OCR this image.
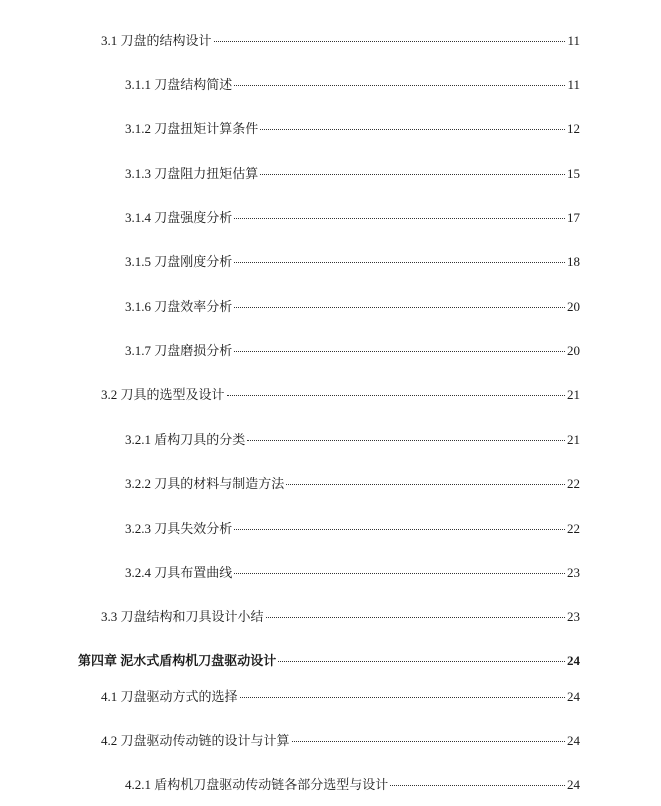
3.1 刀盘的结构设计	11
3.1.1 刀盘结构简述	11
3.1.2 刀盘扭矩计算条件	12
3.1.3 刀盘阻力扭矩估算	15
3.1.4 刀盘强度分析	17
3.1.5 刀盘刚度分析	18
3.1.6 刀盘效率分析	20
3.1.7 刀盘磨损分析	20
3.2 刀具的选型及设计	21
3.2.1 盾构刀具的分类	21
3.2.2 刀具的材料与制造方法	22
3.2.3 刀具失效分析	22
3.2.4 刀具布置曲线	23
3.3 刀盘结构和刀具设计小结	23
第四章 泥水式盾构机刀盘驱动设计	24
4.1 刀盘驱动方式的选择	24
4.2 刀盘驱动传动链的设计与计算	24
4.2.1 盾构机刀盘驱动传动链各部分选型与设计	24
